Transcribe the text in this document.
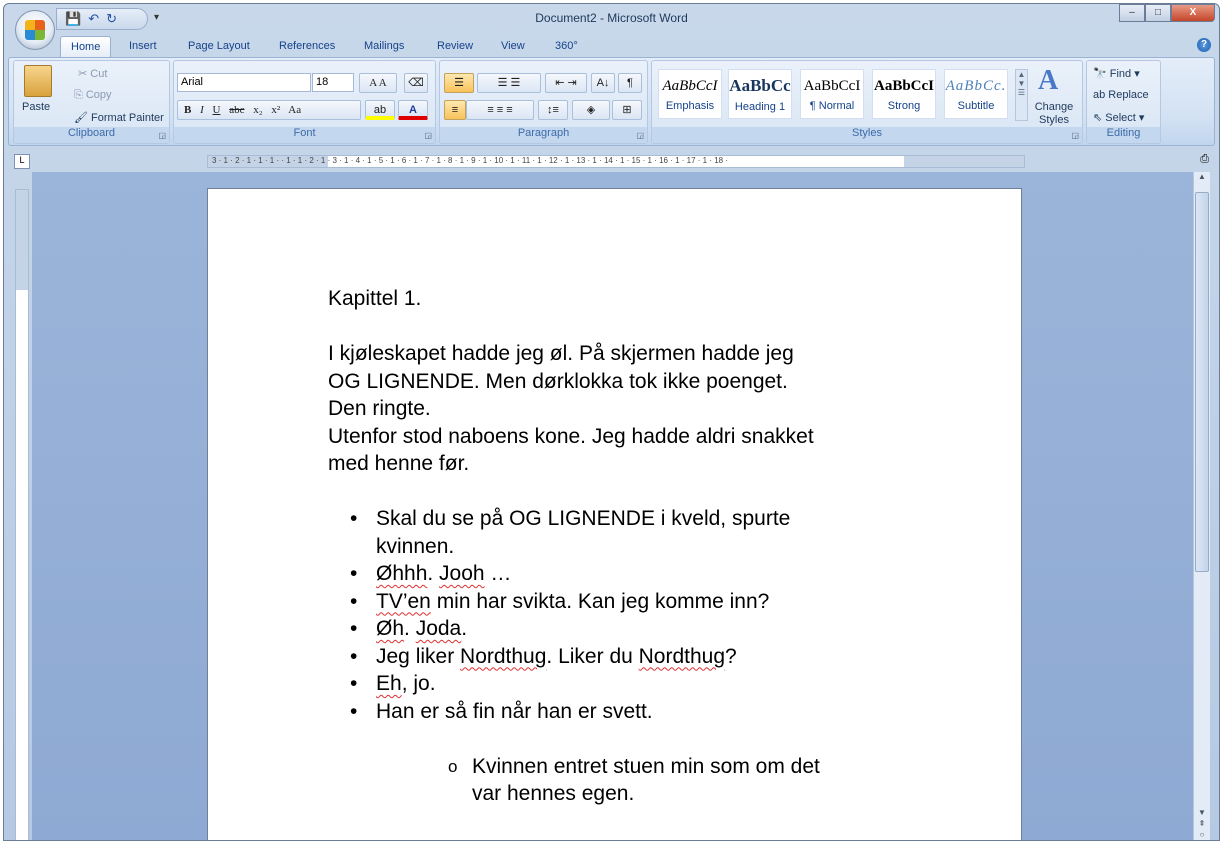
Document2 - Microsoft Word	–	□	X
💾 ↶ ↻	▾
Home	Insert	Page Layout	References	Mailings	Review	View	360°	?
Paste
✂ Cut
⎘ Copy
🖌 Format Painter
Clipboard	◲
Arial	18	A A	⌫
B I U abc x₂ x² Aa	ab	A
Font	◲
☰	☰ ☰	⇤ ⇥	A↓	¶
≡	≡ ≡ ≡	↕≡	◈	⊞
Paragraph	◲
AaBbCcI
Emphasis
AaBbCc
Heading 1
AaBbCcI
¶ Normal
AaBbCcI
Strong
AaBbCc.
Subtitle
▲
▼
☰ A
Change Styles
Styles	◲
🔭 Find ▾
ab Replace
⇖ Select ▾
Editing
L	3 · 1 · 2 · 1 · 1 · 1 · · 1 · 1 · 2 · 1 · 3 · 1 · 4 · 1 · 5 · 1 · 6 · 1 · 7 · 1 · 8 · 1 · 9 · 1 · 10 · 1 · 11 · 1 · 12 · 1 · 13 · 1 · 14 · 1 · 15 · 1 · 16 · 1 · 17 · 1 · 18 ·	⎙

Kapittel 1.

I kjøleskapet hadde jeg øl. På skjermen hadde jeg

OG LIGNENDE. Men dørklokka tok ikke poenget.

Den ringte.

Utenfor stod naboens kone. Jeg hadde aldri snakket

med henne før.

• Skal du se på OG LIGNENDE i kveld, spurte
kvinnen.
• Øhhh. Jooh …
• TV’en min har svikta. Kan jeg komme inn?
• Øh. Joda.
• Jeg liker Nordthug. Liker du Nordthug?
• Eh, jo.
• Han er så fin når han er svett.
o Kvinnen entret stuen min som om det
var hennes egen.
▲
▼
⇞
○
